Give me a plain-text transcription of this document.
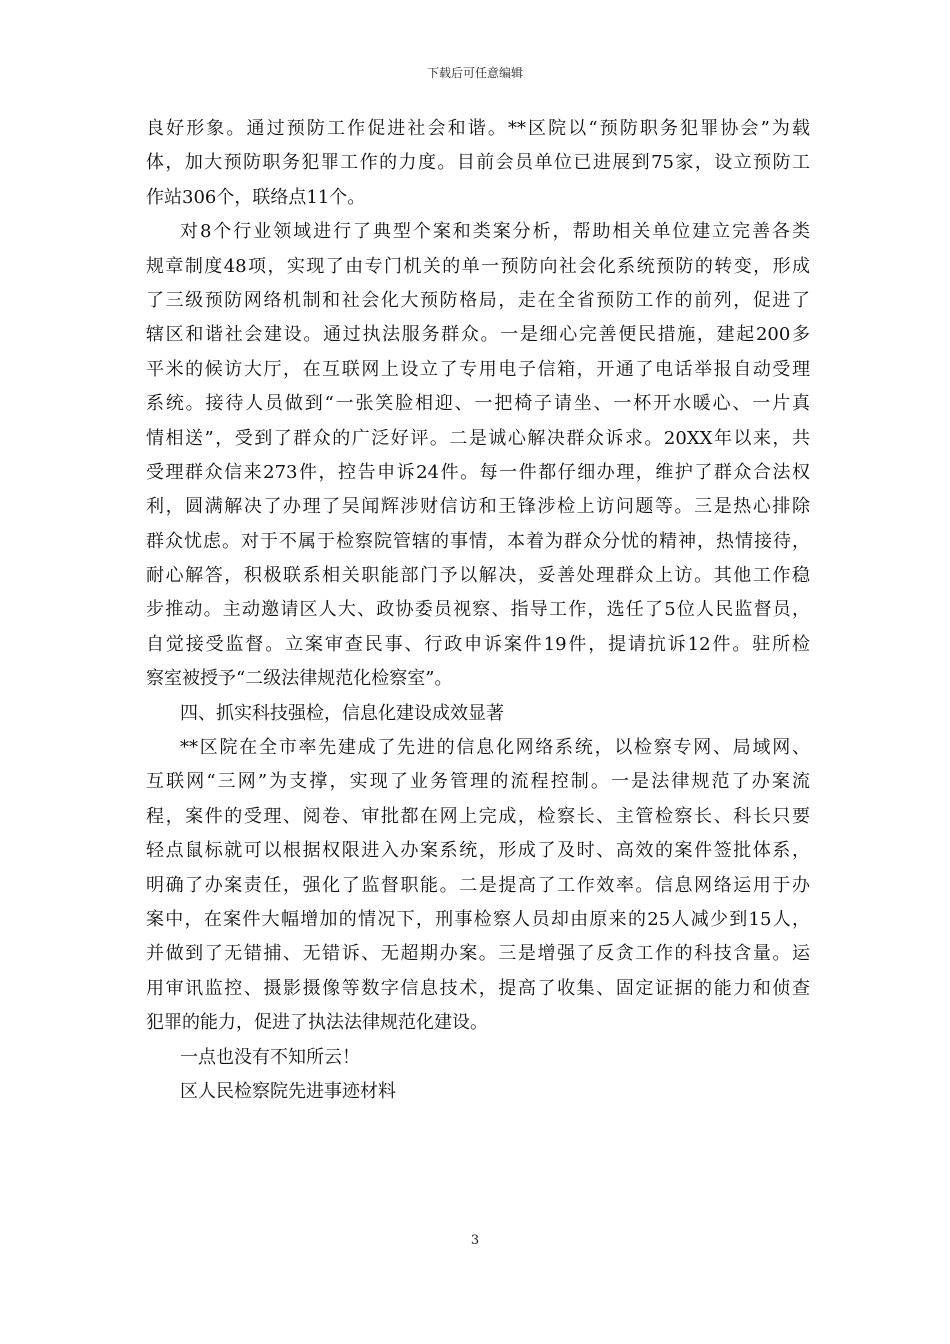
下载后可任意编辑
良好形象。通过预防工作促进社会和谐。**区院以“预防职务犯罪协会”为载
体，加大预防职务犯罪工作的力度。目前会员单位已进展到75家，设立预防工
作站306个，联络点11个。
对8个行业领域进行了典型个案和类案分析，帮助相关单位建立完善各类
规章制度48项，实现了由专门机关的单一预防向社会化系统预防的转变，形成
了三级预防网络机制和社会化大预防格局，走在全省预防工作的前列，促进了
辖区和谐社会建设。通过执法服务群众。一是细心完善便民措施，建起200多
平米的候访大厅，在互联网上设立了专用电子信箱，开通了电话举报自动受理
系统。接待人员做到“一张笑脸相迎、一把椅子请坐、一杯开水暖心、一片真
情相送”，受到了群众的广泛好评。二是诚心解决群众诉求。20XX年以来，共
受理群众信来273件，控告申诉24件。每一件都仔细办理，维护了群众合法权
利，圆满解决了办理了吴闻辉涉财信访和王锋涉检上访问题等。三是热心排除
群众忧虑。对于不属于检察院管辖的事情，本着为群众分忧的精神，热情接待，
耐心解答，积极联系相关职能部门予以解决，妥善处理群众上访。其他工作稳
步推动。主动邀请区人大、政协委员视察、指导工作，选任了5位人民监督员，
自觉接受监督。立案审查民事、行政申诉案件19件，提请抗诉12件。驻所检
察室被授予“二级法律规范化检察室”。
四、抓实科技强检，信息化建设成效显著
**区院在全市率先建成了先进的信息化网络系统，以检察专网、局域网、
互联网“三网”为支撑，实现了业务管理的流程控制。一是法律规范了办案流
程，案件的受理、阅卷、审批都在网上完成，检察长、主管检察长、科长只要
轻点鼠标就可以根据权限进入办案系统，形成了及时、高效的案件签批体系，
明确了办案责任，强化了监督职能。二是提高了工作效率。信息网络运用于办
案中，在案件大幅增加的情况下，刑事检察人员却由原来的25人减少到15人，
并做到了无错捕、无错诉、无超期办案。三是增强了反贪工作的科技含量。运
用审讯监控、摄影摄像等数字信息技术，提高了收集、固定证据的能力和侦查
犯罪的能力，促进了执法法律规范化建设。
一点也没有不知所云！
区人民检察院先进事迹材料
3
